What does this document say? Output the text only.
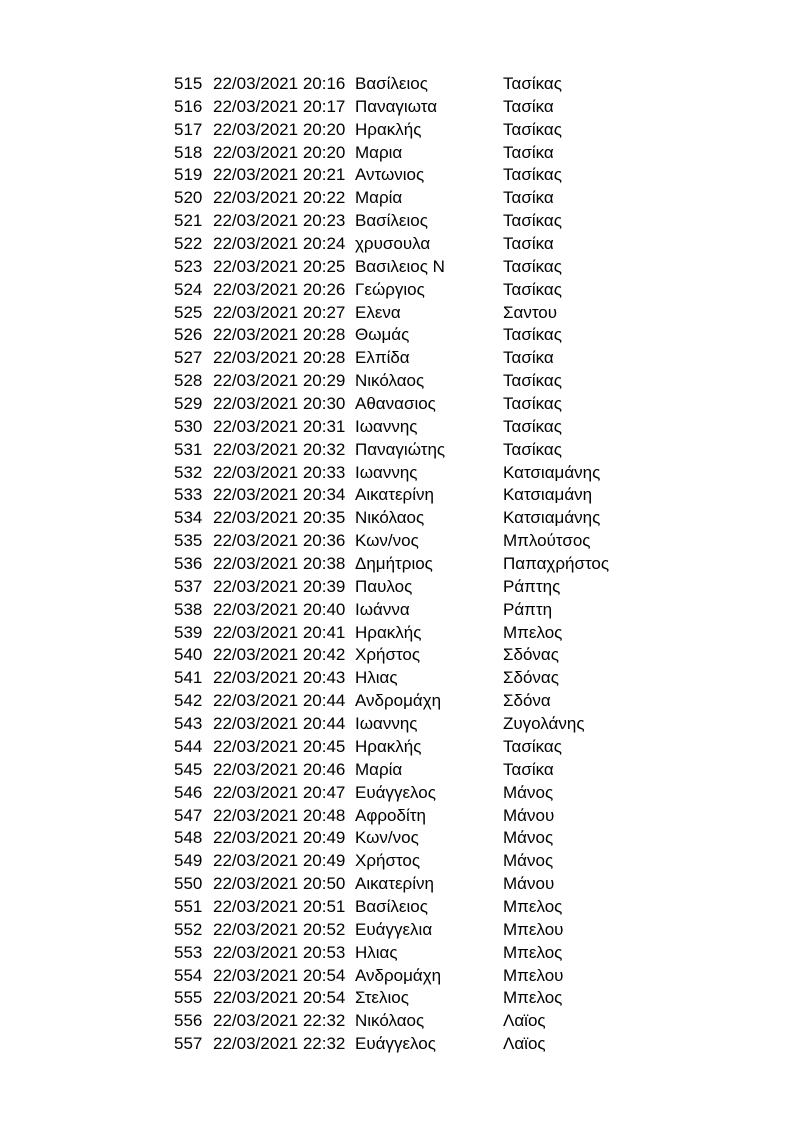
515 22/03/2021 20:16 Βασίλειος	Τασίκας
516 22/03/2021 20:17 Παναγιωτα	Τασίκα
517 22/03/2021 20:20 Ηρακλής	Τασίκας
518 22/03/2021 20:20 Μαρια	Τασίκα
519 22/03/2021 20:21 Αντωνιος	Τασίκας
520 22/03/2021 20:22 Μαρία	Τασίκα
521 22/03/2021 20:23 Βασίλειος	Τασίκας
522 22/03/2021 20:24 χρυσουλα	Τασίκα
523 22/03/2021 20:25 Βασιλειος Ν	Τασίκας
524 22/03/2021 20:26 Γεώργιος	Τασίκας
525 22/03/2021 20:27 Ελενα	Σαντου
526 22/03/2021 20:28 Θωμάς	Τασίκας
527 22/03/2021 20:28 Ελπίδα	Τασίκα
528 22/03/2021 20:29 Νικόλαος	Τασίκας
529 22/03/2021 20:30 Αθανασιος	Τασίκας
530 22/03/2021 20:31 Ιωαννης	Τασίκας
531 22/03/2021 20:32 Παναγιώτης	Τασίκας
532 22/03/2021 20:33 Ιωαννης	Κατσιαμάνης
533 22/03/2021 20:34 Αικατερίνη	Κατσιαμάνη
534 22/03/2021 20:35 Νικόλαος	Κατσιαμάνης
535 22/03/2021 20:36 Κων/νος	Μπλούτσος
536 22/03/2021 20:38 Δημήτριος	Παπαχρήστος
537 22/03/2021 20:39 Παυλος	Ράπτης
538 22/03/2021 20:40 Ιωάννα	Ράπτη
539 22/03/2021 20:41 Ηρακλής	Μπελος
540 22/03/2021 20:42 Χρήστος	Σδόνας
541 22/03/2021 20:43 Ηλιας	Σδόνας
542 22/03/2021 20:44 Ανδρομάχη	Σδόνα
543 22/03/2021 20:44 Ιωαννης	Ζυγολάνης
544 22/03/2021 20:45 Ηρακλής	Τασίκας
545 22/03/2021 20:46 Μαρία	Τασίκα
546 22/03/2021 20:47 Ευάγγελος	Μάνος
547 22/03/2021 20:48 Αφροδίτη	Μάνου
548 22/03/2021 20:49 Κων/νος	Μάνος
549 22/03/2021 20:49 Χρήστος	Μάνος
550 22/03/2021 20:50 Αικατερίνη	Μάνου
551 22/03/2021 20:51 Βασίλειος	Μπελος
552 22/03/2021 20:52 Ευάγγελια	Μπελου
553 22/03/2021 20:53 Ηλιας	Μπελος
554 22/03/2021 20:54 Ανδρομάχη	Μπελου
555 22/03/2021 20:54 Στελιος	Μπελος
556 22/03/2021 22:32 Νικόλαος	Λαϊος
557 22/03/2021 22:32 Ευάγγελος	Λαϊος
